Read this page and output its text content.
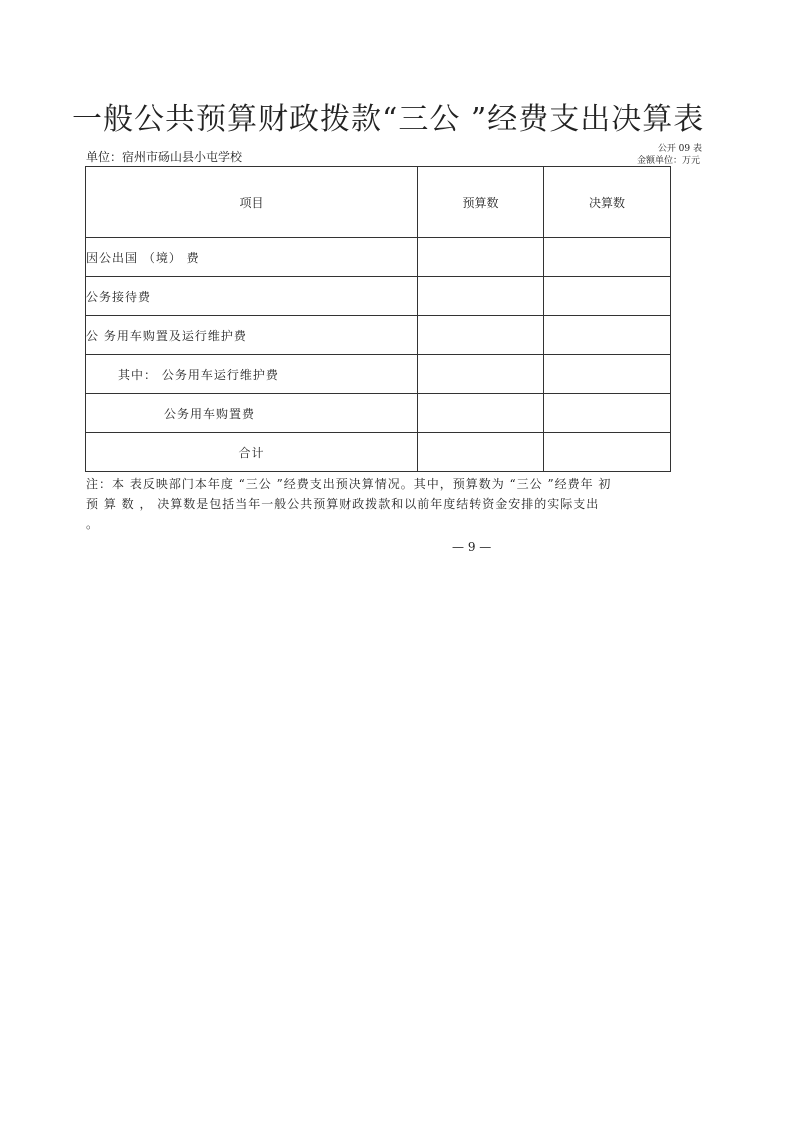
一般公共预算财政拨款“三公 ”经费支出决算表
单位：宿州市砀山县小屯学校
公开 09 表
金额单位：万元
项目	预算数	决算数
因公出国 （境） 费		
公务接待费		
公 务用车购置及运行维护费		
其中： 公务用车运行维护费		
公务用车购置费		
合计		
注：本 表反映部门本年度 “三公 ”经费支出预决算情况。其中，预算数为 “三公 ”经费年 初
预 算 数 ， 决算数是包括当年一般公共预算财政拨款和以前年度结转资金安排的实际支出
。
— 9 —
